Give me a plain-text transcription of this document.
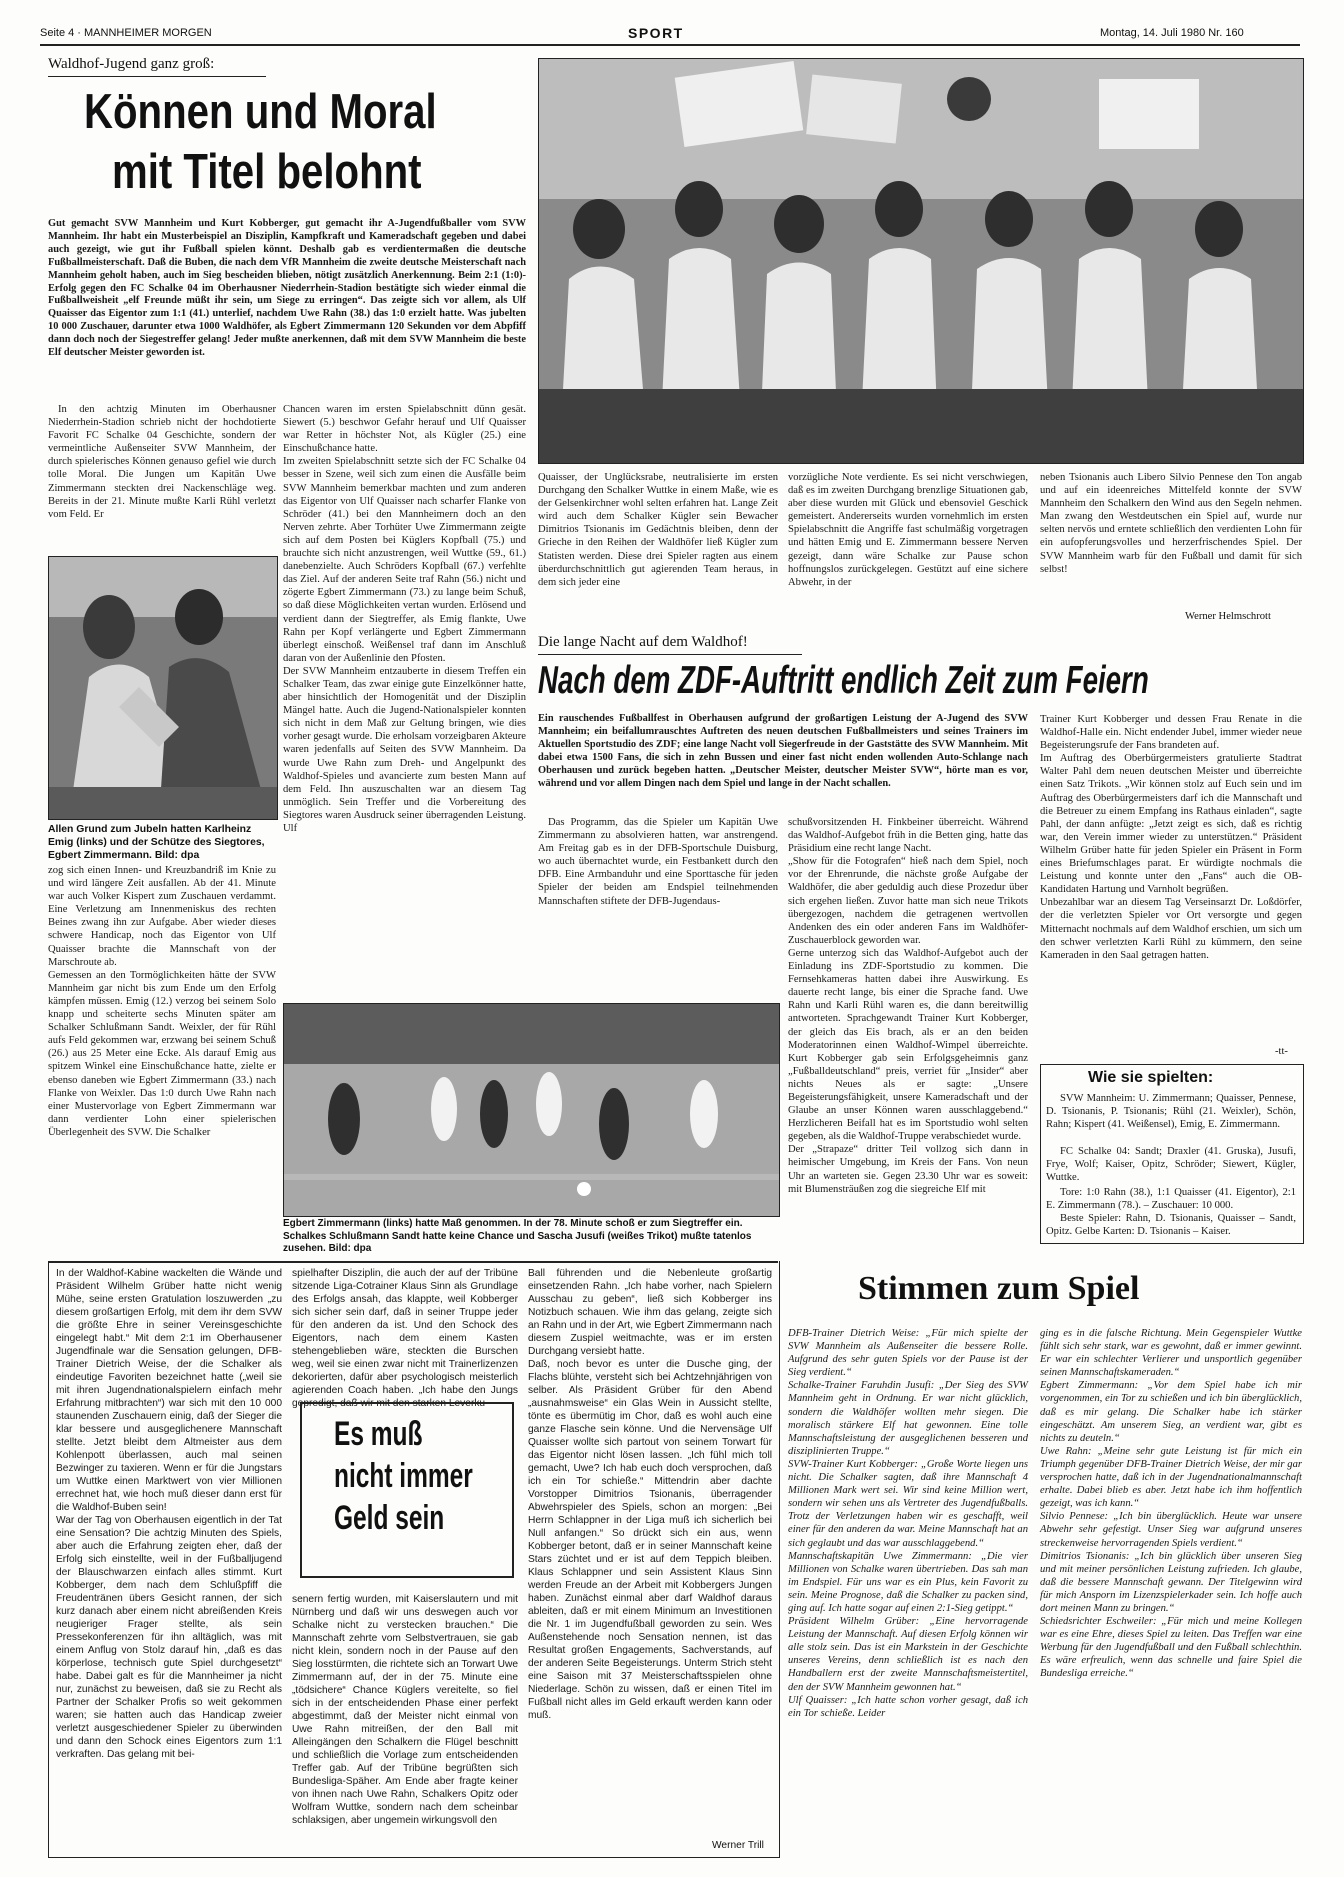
Seite 4 · MANNHEIMER MORGEN	SPORT	Montag, 14. Juli 1980 Nr. 160
Waldhof-Jugend ganz groß:
Können und Moral
mit Titel belohnt
Gut gemacht SVW Mannheim und Kurt Kobberger, gut gemacht ihr A-Jugendfußballer vom SVW Mannheim. Ihr habt ein Musterbeispiel an Disziplin, Kampfkraft und Kameradschaft gegeben und dabei auch gezeigt, wie gut ihr Fußball spielen könnt. Deshalb gab es verdientermaßen die deutsche Fußballmeisterschaft. Daß die Buben, die nach dem VfR Mannheim die zweite deutsche Meisterschaft nach Mannheim geholt haben, auch im Sieg bescheiden blieben, nötigt zusätzlich Anerkennung. Beim 2:1 (1:0)-Erfolg gegen den FC Schalke 04 im Oberhausner Niederrhein-Stadion bestätigte sich wieder einmal die Fußballweisheit „elf Freunde müßt ihr sein, um Siege zu erringen“. Das zeigte sich vor allem, als Ulf Quaisser das Eigentor zum 1:1 (41.) unterlief, nachdem Uwe Rahn (38.) das 1:0 erzielt hatte. Was jubelten 10 000 Zuschauer, darunter etwa 1000 Waldhöfer, als Egbert Zimmermann 120 Sekunden vor dem Abpfiff dann doch noch der Siegestreffer gelang! Jeder mußte anerkennen, daß mit dem SVW Mannheim die beste Elf deutscher Meister geworden ist.
In den achtzig Minuten im Oberhausner Niederrhein-Stadion schrieb nicht der hochdotierte Favorit FC Schalke 04 Geschichte, sondern der vermeintliche Außenseiter SVW Mannheim, der durch spielerisches Können genauso gefiel wie durch tolle Moral. Die Jungen um Kapitän Uwe Zimmermann steckten drei Nackenschläge weg. Bereits in der 21. Minute mußte Karli Rühl verletzt vom Feld. Er
Allen Grund zum Jubeln hatten Karlheinz Emig (links) und der Schütze des Siegtores, Egbert Zimmermann. Bild: dpa
zog sich einen Innen- und Kreuzbandriß im Knie zu und wird längere Zeit ausfallen. Ab der 41. Minute war auch Volker Kispert zum Zuschauen verdammt. Eine Verletzung am Innenmeniskus des rechten Beines zwang ihn zur Aufgabe. Aber wieder dieses schwere Handicap, noch das Eigentor von Ulf Quaisser brachte die Mannschaft von der Marschroute ab.
Gemessen an den Tormöglichkeiten hätte der SVW Mannheim gar nicht bis zum Ende um den Erfolg kämpfen müssen. Emig (12.) verzog bei seinem Solo knapp und scheiterte sechs Minuten später am Schalker Schlußmann Sandt. Weixler, der für Rühl aufs Feld gekommen war, erzwang bei seinem Schuß (26.) aus 25 Meter eine Ecke. Als darauf Emig aus spitzem Winkel eine Einschußchance hatte, zielte er ebenso daneben wie Egbert Zimmermann (33.) nach Flanke von Weixler. Das 1:0 durch Uwe Rahn nach einer Mustervorlage von Egbert Zimmermann war dann verdienter Lohn einer spielerischen Überlegenheit des SVW. Die Schalker
Chancen waren im ersten Spielabschnitt dünn gesät. Siewert (5.) beschwor Gefahr herauf und Ulf Quaisser war Retter in höchster Not, als Kügler (25.) eine Einschußchance hatte.
Im zweiten Spielabschnitt setzte sich der FC Schalke 04 besser in Szene, weil sich zum einen die Ausfälle beim SVW Mannheim bemerkbar machten und zum anderen das Eigentor von Ulf Quaisser nach scharfer Flanke von Schröder (41.) bei den Mannheimern doch an den Nerven zehrte. Aber Torhüter Uwe Zimmermann zeigte sich auf dem Posten bei Küglers Kopfball (75.) und brauchte sich nicht anzustrengen, weil Wuttke (59., 61.) danebenzielte. Auch Schröders Kopfball (67.) verfehlte das Ziel. Auf der anderen Seite traf Rahn (56.) nicht und zögerte Egbert Zimmermann (73.) zu lange beim Schuß, so daß diese Möglichkeiten vertan wurden. Erlösend und verdient dann der Siegtreffer, als Emig flankte, Uwe Rahn per Kopf verlängerte und Egbert Zimmermann überlegt einschoß. Weißensel traf dann im Anschluß daran von der Außenlinie den Pfosten.
Der SVW Mannheim entzauberte in diesem Treffen ein Schalker Team, das zwar einige gute Einzelkönner hatte, aber hinsichtlich der Homogenität und der Disziplin Mängel hatte. Auch die Jugend-Nationalspieler konnten sich nicht in dem Maß zur Geltung bringen, wie dies vorher gesagt wurde. Die erholsam vorzeigbaren Akteure waren jedenfalls auf Seiten des SVW Mannheim. Da wurde Uwe Rahn zum Dreh- und Angelpunkt des Waldhof-Spieles und avancierte zum besten Mann auf dem Feld. Ihn auszuschalten war an diesem Tag unmöglich. Sein Treffer und die Vorbereitung des Siegtores waren Ausdruck seiner überragenden Leistung. Ulf
Quaisser, der Unglücksrabe, neutralisierte im ersten Durchgang den Schalker Wuttke in einem Maße, wie es der Gelsenkirchner wohl selten erfahren hat. Lange Zeit wird auch dem Schalker Kügler sein Bewacher Dimitrios Tsionanis im Gedächtnis bleiben, denn der Grieche in den Reihen der Waldhöfer ließ Kügler zum Statisten werden. Diese drei Spieler ragten aus einem überdurchschnittlich gut agierenden Team heraus, in dem sich jeder eine
vorzügliche Note verdiente. Es sei nicht verschwiegen, daß es im zweiten Durchgang brenzlige Situationen gab, aber diese wurden mit Glück und ebensoviel Geschick gemeistert. Andererseits wurden vornehmlich im ersten Spielabschnitt die Angriffe fast schulmäßig vorgetragen und hätten Emig und E. Zimmermann bessere Nerven gezeigt, dann wäre Schalke zur Pause schon hoffnungslos zurückgelegen. Gestützt auf eine sichere Abwehr, in der
neben Tsionanis auch Libero Silvio Pennese den Ton angab und auf ein ideenreiches Mittelfeld konnte der SVW Mannheim den Schalkern den Wind aus den Segeln nehmen. Man zwang den Westdeutschen ein Spiel auf, wurde nur selten nervös und erntete schließlich den verdienten Lohn für ein aufopferungsvolles und herzerfrischendes Spiel. Der SVW Mannheim warb für den Fußball und damit für sich selbst!
Werner Helmschrott
Die lange Nacht auf dem Waldhof!
Nach dem ZDF-Auftritt endlich Zeit zum Feiern
Ein rauschendes Fußballfest in Oberhausen aufgrund der großartigen Leistung der A-Jugend des SVW Mannheim; ein beifallumrauschtes Auftreten des neuen deutschen Fußballmeisters und seines Trainers im Aktuellen Sportstudio des ZDF; eine lange Nacht voll Siegerfreude in der Gaststätte des SVW Mannheim. Mit dabei etwa 1500 Fans, die sich in zehn Bussen und einer fast nicht enden wollenden Auto-Schlange nach Oberhausen und zurück begeben hatten. „Deutscher Meister, deutscher Meister SVW“, hörte man es vor, während und vor allem Dingen nach dem Spiel und lange in der Nacht schallen.
Das Programm, das die Spieler um Kapitän Uwe Zimmermann zu absolvieren hatten, war anstrengend. Am Freitag gab es in der DFB-Sportschule Duisburg, wo auch übernachtet wurde, ein Festbankett durch den DFB. Eine Armbanduhr und eine Sporttasche für jeden Spieler der beiden am Endspiel teilnehmenden Mannschaften stiftete der DFB-Jugendaus-
schußvorsitzenden H. Finkbeiner überreicht. Während das Waldhof-Aufgebot früh in die Betten ging, hatte das Präsidium eine recht lange Nacht.
„Show für die Fotografen“ hieß nach dem Spiel, noch vor der Ehrenrunde, die nächste große Aufgabe der Waldhöfer, die aber geduldig auch diese Prozedur über sich ergehen ließen. Zuvor hatte man sich neue Trikots übergezogen, nachdem die getragenen wertvollen Andenken des ein oder anderen Fans im Waldhöfer-Zuschauerblock geworden war.
Gerne unterzog sich das Waldhof-Aufgebot auch der Einladung ins ZDF-Sportstudio zu kommen. Die Fernsehkameras hatten dabei ihre Auswirkung. Es dauerte recht lange, bis einer die Sprache fand. Uwe Rahn und Karli Rühl waren es, die dann bereitwillig antworteten. Sprachgewandt Trainer Kurt Kobberger, der gleich das Eis brach, als er an den beiden Moderatorinnen einen Waldhof-Wimpel überreichte. Kurt Kobberger gab sein Erfolgsgeheimnis ganz „Fußballdeutschland“ preis, verriet für „Insider“ aber nichts Neues als er sagte: „Unsere Begeisterungsfähigkeit, unsere Kameradschaft und der Glaube an unser Können waren ausschlaggebend.“ Herzlicheren Beifall hat es im Sportstudio wohl selten gegeben, als die Waldhof-Truppe verabschiedet wurde.
Der „Strapaze“ dritter Teil vollzog sich dann in heimischer Umgebung, im Kreis der Fans. Von neun Uhr an warteten sie. Gegen 23.30 Uhr war es soweit: mit Blumensträußen zog die siegreiche Elf mit
Trainer Kurt Kobberger und dessen Frau Renate in die Waldhof-Halle ein. Nicht endender Jubel, immer wieder neue Begeisterungsrufe der Fans brandeten auf.
Im Auftrag des Oberbürgermeisters gratulierte Stadtrat Walter Pahl dem neuen deutschen Meister und überreichte einen Satz Trikots. „Wir können stolz auf Euch sein und im Auftrag des Oberbürgermeisters darf ich die Mannschaft und die Betreuer zu einem Empfang ins Rathaus einladen“, sagte Pahl, der dann anfügte: „Jetzt zeigt es sich, daß es richtig war, den Verein immer wieder zu unterstützen.“ Präsident Wilhelm Grüber hatte für jeden Spieler ein Präsent in Form eines Briefumschlages parat. Er würdigte nochmals die Leistung und konnte unter den „Fans“ auch die OB-Kandidaten Hartung und Varnholt begrüßen.
Unbezahlbar war an diesem Tag Verseinsarzt Dr. Loßdörfer, der die verletzten Spieler vor Ort versorgte und gegen Mitternacht nochmals auf dem Waldhof erschien, um sich um den schwer verletzten Karli Rühl zu kümmern, den seine Kameraden in den Saal getragen hatten.
-tt-
Wie sie spielten:
SVW Mannheim: U. Zimmermann; Quaisser, Pennese, D. Tsionanis, P. Tsionanis; Rühl (21. Weixler), Schön, Rahn; Kispert (41. Weißensel), Emig, E. Zimmermann.
FC Schalke 04: Sandt; Draxler (41. Gruska), Jusufi, Frye, Wolf; Kaiser, Opitz, Schröder; Siewert, Kügler, Wuttke.
Tore: 1:0 Rahn (38.), 1:1 Quaisser (41. Eigentor), 2:1 E. Zimmermann (78.). – Zuschauer: 10 000.
Beste Spieler: Rahn, D. Tsionanis, Quaisser – Sandt, Opitz. Gelbe Karten: D. Tsionanis – Kaiser.
Egbert Zimmermann (links) hatte Maß genommen. In der 78. Minute schoß er zum Siegtreffer ein. Schalkes Schlußmann Sandt hatte keine Chance und Sascha Jusufi (weißes Trikot) mußte tatenlos zusehen. Bild: dpa
In der Waldhof-Kabine wackelten die Wände und Präsident Wilhelm Grüber hatte nicht wenig Mühe, seine ersten Gratulation loszuwerden „zu diesem großartigen Erfolg, mit dem ihr dem SVW die größte Ehre in seiner Vereinsgeschichte eingelegt habt.“ Mit dem 2:1 im Oberhausener Jugendfinale war die Sensation gelungen, DFB-Trainer Dietrich Weise, der die Schalker als eindeutige Favoriten bezeichnet hatte („weil sie mit ihren Jugendnationalspielern einfach mehr Erfahrung mitbrachten“) war sich mit den 10 000 staunenden Zuschauern einig, daß der Sieger die klar bessere und ausgeglichenere Mannschaft stellte. Jetzt bleibt dem Altmeister aus dem Kohlenpott überlassen, auch mal seinen Bezwinger zu taxieren. Wenn er für die Jungstars um Wuttke einen Marktwert von vier Millionen errechnet hat, wie hoch muß dieser dann erst für die Waldhof-Buben sein!
War der Tag von Oberhausen eigentlich in der Tat eine Sensation? Die achtzig Minuten des Spiels, aber auch die Erfahrung zeigten eher, daß der Erfolg sich einstellte, weil in der Fußballjugend der Blauschwarzen einfach alles stimmt. Kurt Kobberger, dem nach dem Schlußpfiff die Freudentränen übers Gesicht rannen, der sich kurz danach aber einem nicht abreißenden Kreis neugieriger Frager stellte, als sein Pressekonferenzen für ihn alltäglich, was mit einem Anflug von Stolz darauf hin, „daß es das körperlose, technisch gute Spiel durchgesetzt“ habe. Dabei galt es für die Mannheimer ja nicht nur, zunächst zu beweisen, daß sie zu Recht als Partner der Schalker Profis so weit gekommen waren; sie hatten auch das Handicap zweier verletzt ausgeschiedener Spieler zu überwinden und dann den Schock eines Eigentors zum 1:1 verkraften. Das gelang mit bei-
spielhafter Disziplin, die auch der auf der Tribüne sitzende Liga-Cotrainer Klaus Sinn als Grundlage des Erfolgs ansah, das klappte, weil Kobberger sich sicher sein darf, daß in seiner Truppe jeder für den anderen da ist. Und den Schock des Eigentors, nach dem einem Kasten stehengeblieben wäre, steckten die Burschen weg, weil sie einen zwar nicht mit Trainerlizenzen dekorierten, dafür aber psychologisch meisterlich agierenden Coach haben. „Ich habe den Jungs gepredigt, daß wir mit den starken Leverku-
Es muß
nicht immer
Geld sein
senern fertig wurden, mit Kaiserslautern und mit Nürnberg und daß wir uns deswegen auch vor Schalke nicht zu verstecken brauchen.“ Die Mannschaft zehrte vom Selbstvertrauen, sie gab nicht klein, sondern noch in der Pause auf den Sieg losstürmten, die richtete sich an Torwart Uwe Zimmermann auf, der in der 75. Minute eine „tödsichere“ Chance Küglers vereitelte, so fiel sich in der entscheidenden Phase einer perfekt abgestimmt, daß der Meister nicht einmal von Uwe Rahn mitreißen, der den Ball mit Alleingängen den Schalkern die Flügel beschnitt und schließlich die Vorlage zum entscheidenden Treffer gab. Auf der Tribüne begrüßten sich Bundesliga-Späher. Am Ende aber fragte keiner von ihnen nach Uwe Rahn, Schalkers Opitz oder Wolfram Wuttke, sondern nach dem scheinbar schlaksigen, aber ungemein wirkungsvoll den
Ball führenden und die Nebenleute großartig einsetzenden Rahn. „Ich habe vorher, nach Spielern Ausschau zu geben“, ließ sich Kobberger ins Notizbuch schauen. Wie ihm das gelang, zeigte sich an Rahn und in der Art, wie Egbert Zimmermann nach diesem Zuspiel weitmachte, was er im ersten Durchgang versiebt hatte.
Daß, noch bevor es unter die Dusche ging, der Flachs blühte, versteht sich bei Achtzehnjährigen von selber. Als Präsident Grüber für den Abend „ausnahmsweise“ ein Glas Wein in Aussicht stellte, tönte es übermütig im Chor, daß es wohl auch eine ganze Flasche sein könne. Und die Nervensäge Ulf Quaisser wollte sich partout von seinem Torwart für das Eigentor nicht lösen lassen. „Ich fühl mich toll gemacht, Uwe? Ich hab euch doch versprochen, daß ich ein Tor schieße.“ Mittendrin aber dachte Vorstopper Dimitrios Tsionanis, überragender Abwehrspieler des Spiels, schon an morgen: „Bei Herrn Schlappner in der Liga muß ich sicherlich bei Null anfangen.“ So drückt sich ein aus, wenn Kobberger betont, daß er in seiner Mannschaft keine Stars züchtet und er ist auf dem Teppich bleiben. Klaus Schlappner und sein Assistent Klaus Sinn werden Freude an der Arbeit mit Kobbergers Jungen haben. Zunächst einmal aber darf Waldhof daraus ableiten, daß er mit einem Minimum an Investitionen die Nr. 1 im Jugendfußball geworden zu sein. Wes Außenstehende noch Sensation nennen, ist das Resultat großen Engagements, Sachverstands, auf der anderen Seite Begeisterungs. Unterm Strich steht eine Saison mit 37 Meisterschaftsspielen ohne Niederlage. Schön zu wissen, daß er einen Titel im Fußball nicht alles im Geld erkauft werden kann oder muß.
Werner Trill
Stimmen zum Spiel
DFB-Trainer Dietrich Weise: „Für mich spielte der SVW Mannheim als Außenseiter die bessere Rolle. Aufgrund des sehr guten Spiels vor der Pause ist der Sieg verdient.“
Schalke-Trainer Faruhdin Jusufi: „Der Sieg des SVW Mannheim geht in Ordnung. Er war nicht glücklich, sondern die Waldhöfer wollten mehr siegen. Die moralisch stärkere Elf hat gewonnen. Eine tolle Mannschaftsleistung der ausgeglichenen besseren und disziplinierten Truppe.“
SVW-Trainer Kurt Kobberger: „Große Worte liegen uns nicht. Die Schalker sagten, daß ihre Mannschaft 4 Millionen Mark wert sei. Wir sind keine Million wert, sondern wir sehen uns als Vertreter des Jugendfußballs. Trotz der Verletzungen haben wir es geschafft, weil einer für den anderen da war. Meine Mannschaft hat an sich geglaubt und das war ausschlaggebend.“
Mannschaftskapitän Uwe Zimmermann: „Die vier Millionen von Schalke waren übertrieben. Das sah man im Endspiel. Für uns war es ein Plus, kein Favorit zu sein. Meine Prognose, daß die Schalker zu packen sind, ging auf. Ich hatte sogar auf einen 2:1-Sieg getippt.“
Präsident Wilhelm Grüber: „Eine hervorragende Leistung der Mannschaft. Auf diesen Erfolg können wir alle stolz sein. Das ist ein Markstein in der Geschichte unseres Vereins, denn schließlich ist es nach den Handballern erst der zweite Mannschaftsmeistertitel, den der SVW Mannheim gewonnen hat.“
Ulf Quaisser: „Ich hatte schon vorher gesagt, daß ich ein Tor schieße. Leider
ging es in die falsche Richtung. Mein Gegenspieler Wuttke fühlt sich sehr stark, war es gewohnt, daß er immer gewinnt. Er war ein schlechter Verlierer und unsportlich gegenüber seinen Mannschaftskameraden.“
Egbert Zimmermann: „Vor dem Spiel habe ich mir vorgenommen, ein Tor zu schießen und ich bin überglücklich, daß es mir gelang. Die Schalker habe ich stärker eingeschätzt. Am unserem Sieg, an verdient war, gibt es nichts zu deuteln.“
Uwe Rahn: „Meine sehr gute Leistung ist für mich ein Triumph gegenüber DFB-Trainer Dietrich Weise, der mir gar versprochen hatte, daß ich in der Jugendnationalmannschaft erhalte. Dabei blieb es aber. Jetzt habe ich ihm hoffentlich gezeigt, was ich kann.“
Silvio Pennese: „Ich bin überglücklich. Heute war unsere Abwehr sehr gefestigt. Unser Sieg war aufgrund unseres streckenweise hervorragenden Spiels verdient.“
Dimitrios Tsionanis: „Ich bin glücklich über unseren Sieg und mit meiner persönlichen Leistung zufrieden. Ich glaube, daß die bessere Mannschaft gewann. Der Titelgewinn wird für mich Ansporn im Lizenzspielerkader sein. Ich hoffe auch dort meinen Mann zu bringen.“
Schiedsrichter Eschweiler: „Für mich und meine Kollegen war es eine Ehre, dieses Spiel zu leiten. Das Treffen war eine Werbung für den Jugendfußball und den Fußball schlechthin. Es wäre erfreulich, wenn das schnelle und faire Spiel die Bundesliga erreiche.“
